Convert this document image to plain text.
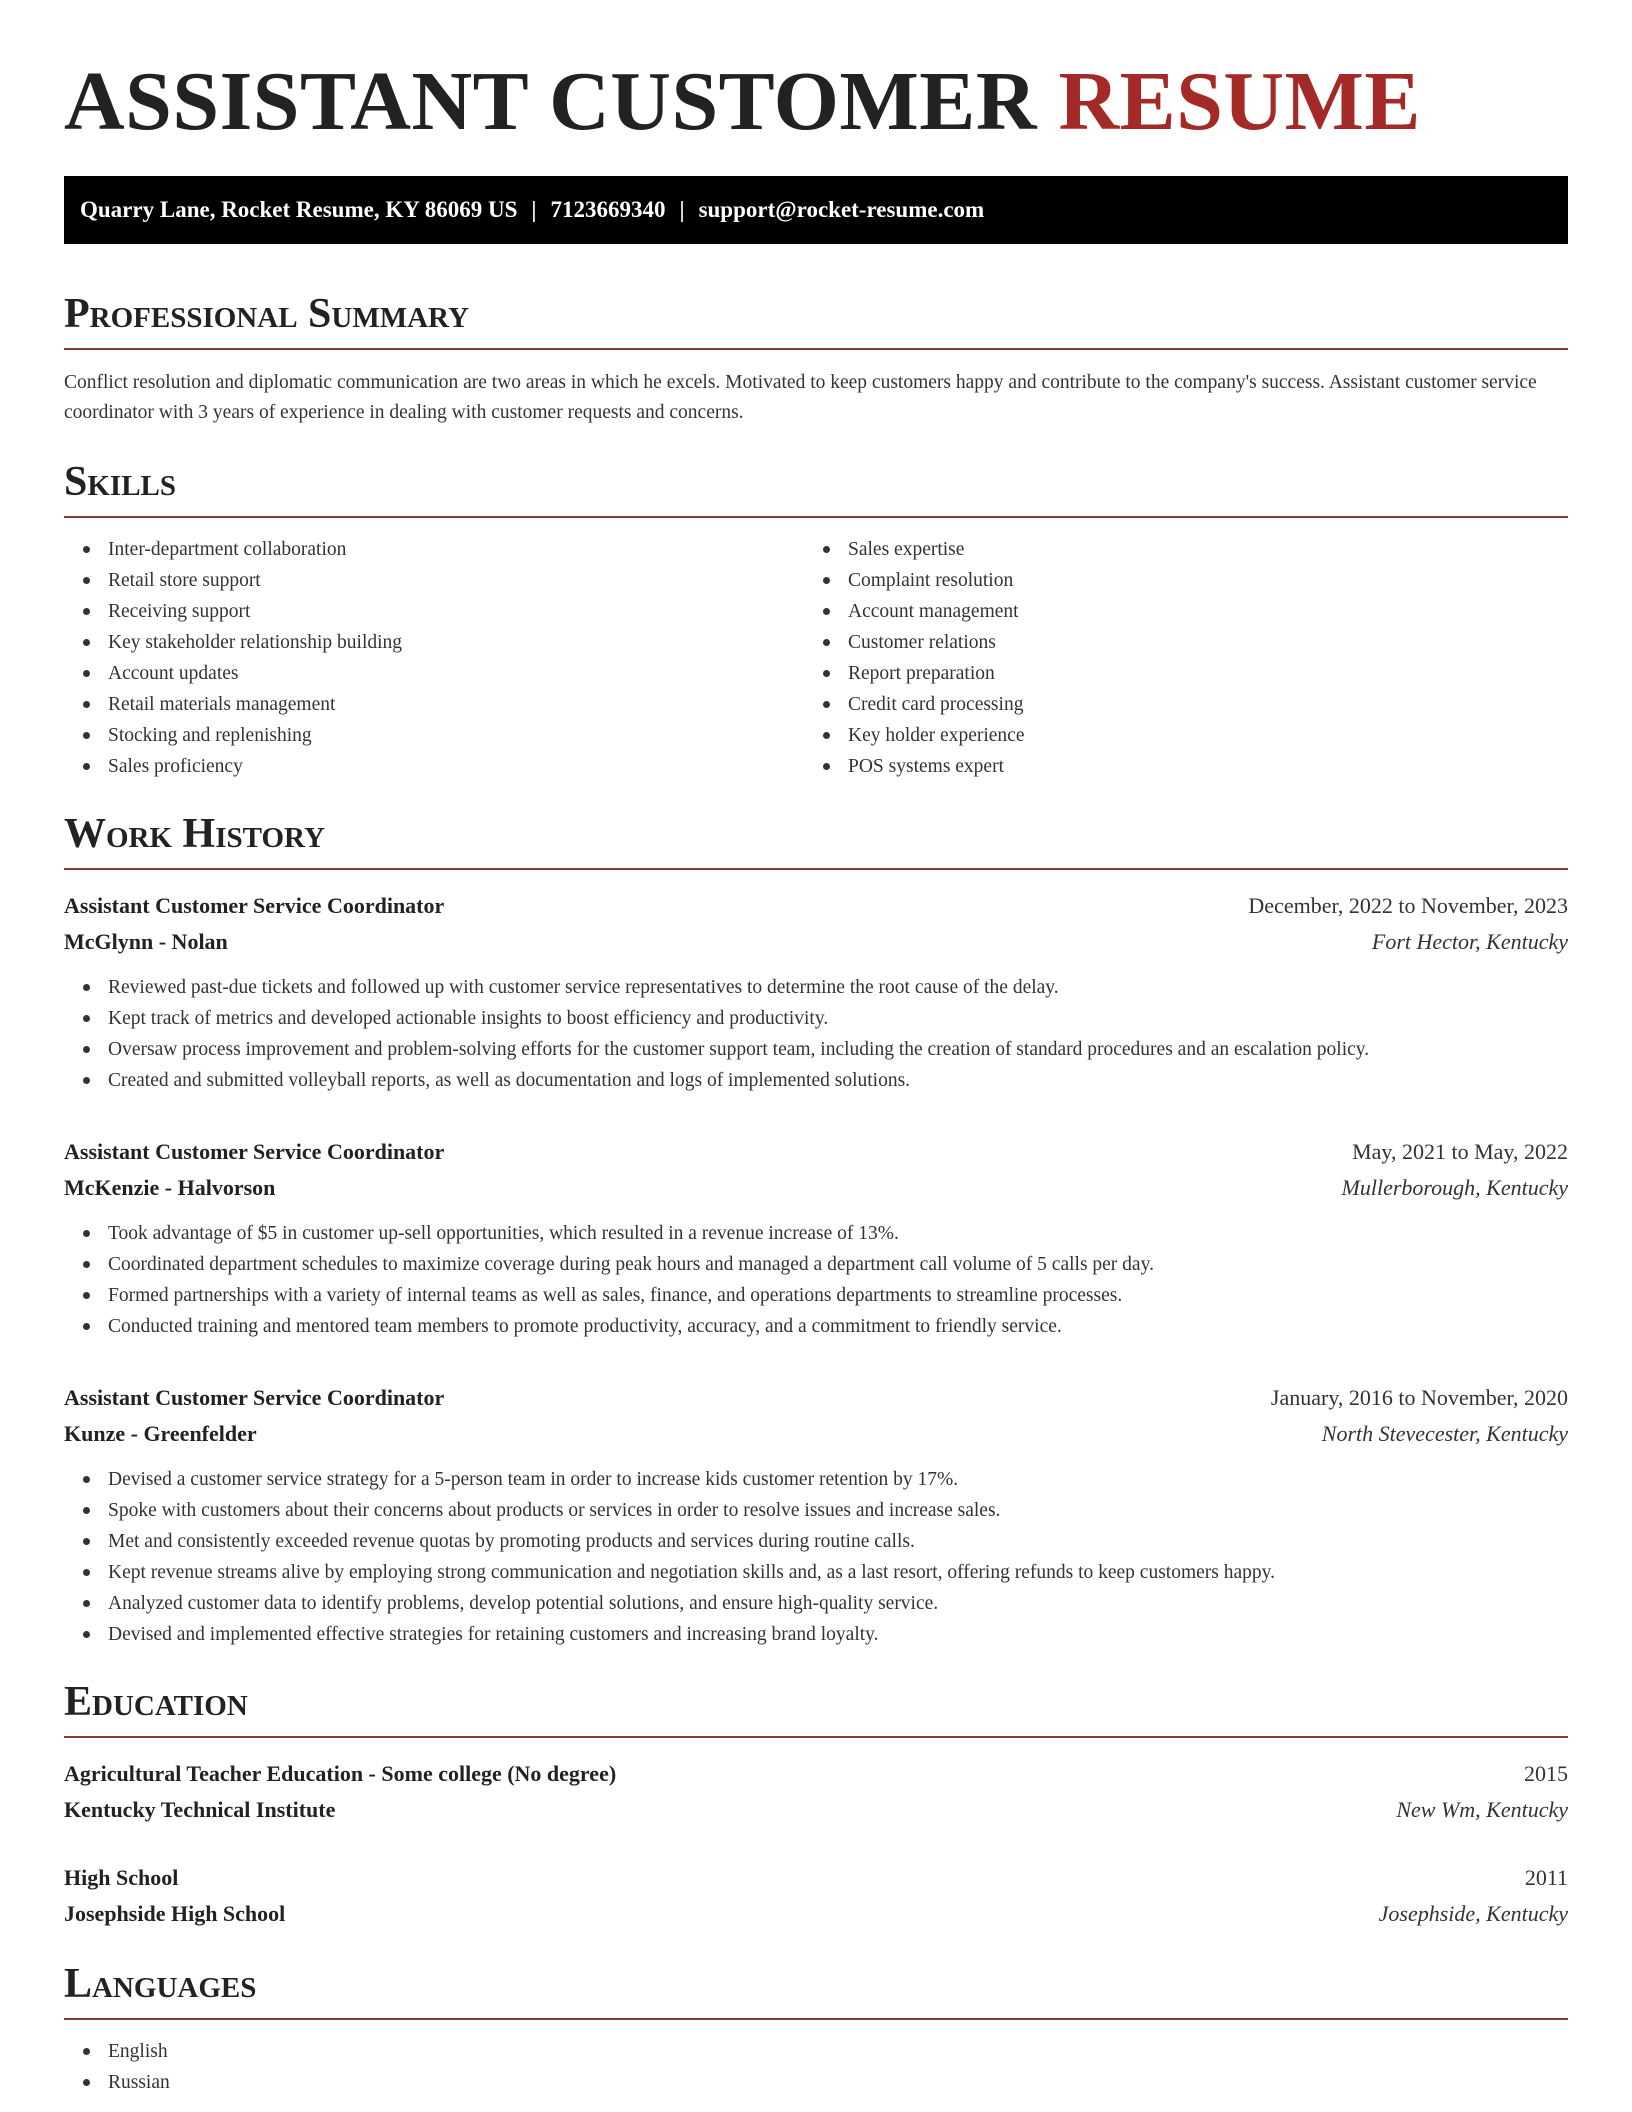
ASSISTANT CUSTOMER RESUME
Quarry Lane, Rocket Resume, KY 86069 US | 7123669340 | support@rocket-resume.com
Professional Summary

Conflict resolution and diplomatic communication are two areas in which he excels. Motivated to keep customers happy and contribute to the company's success. Assistant customer service coordinator with 3 years of experience in dealing with customer requests and concerns.

Skills
Inter-department collaboration
Retail store support
Receiving support
Key stakeholder relationship building
Account updates
Retail materials management
Stocking and replenishing
Sales proficiency
Sales expertise
Complaint resolution
Account management
Customer relations
Report preparation
Credit card processing
Key holder experience
POS systems expert
Work History
Assistant Customer Service Coordinator	December, 2022 to November, 2023
McGlynn - Nolan	Fort Hector, Kentucky
Reviewed past-due tickets and followed up with customer service representatives to determine the root cause of the delay.
Kept track of metrics and developed actionable insights to boost efficiency and productivity.
Oversaw process improvement and problem-solving efforts for the customer support team, including the creation of standard procedures and an escalation policy.
Created and submitted volleyball reports, as well as documentation and logs of implemented solutions.
Assistant Customer Service Coordinator	May, 2021 to May, 2022
McKenzie - Halvorson	Mullerborough, Kentucky
Took advantage of $5 in customer up-sell opportunities, which resulted in a revenue increase of 13%.
Coordinated department schedules to maximize coverage during peak hours and managed a department call volume of 5 calls per day.
Formed partnerships with a variety of internal teams as well as sales, finance, and operations departments to streamline processes.
Conducted training and mentored team members to promote productivity, accuracy, and a commitment to friendly service.
Assistant Customer Service Coordinator	January, 2016 to November, 2020
Kunze - Greenfelder	North Stevecester, Kentucky
Devised a customer service strategy for a 5-person team in order to increase kids customer retention by 17%.
Spoke with customers about their concerns about products or services in order to resolve issues and increase sales.
Met and consistently exceeded revenue quotas by promoting products and services during routine calls.
Kept revenue streams alive by employing strong communication and negotiation skills and, as a last resort, offering refunds to keep customers happy.
Analyzed customer data to identify problems, develop potential solutions, and ensure high-quality service.
Devised and implemented effective strategies for retaining customers and increasing brand loyalty.
Education
Agricultural Teacher Education - Some college (No degree)	2015
Kentucky Technical Institute	New Wm, Kentucky
High School	2011
Josephside High School	Josephside, Kentucky
Languages
English
Russian
